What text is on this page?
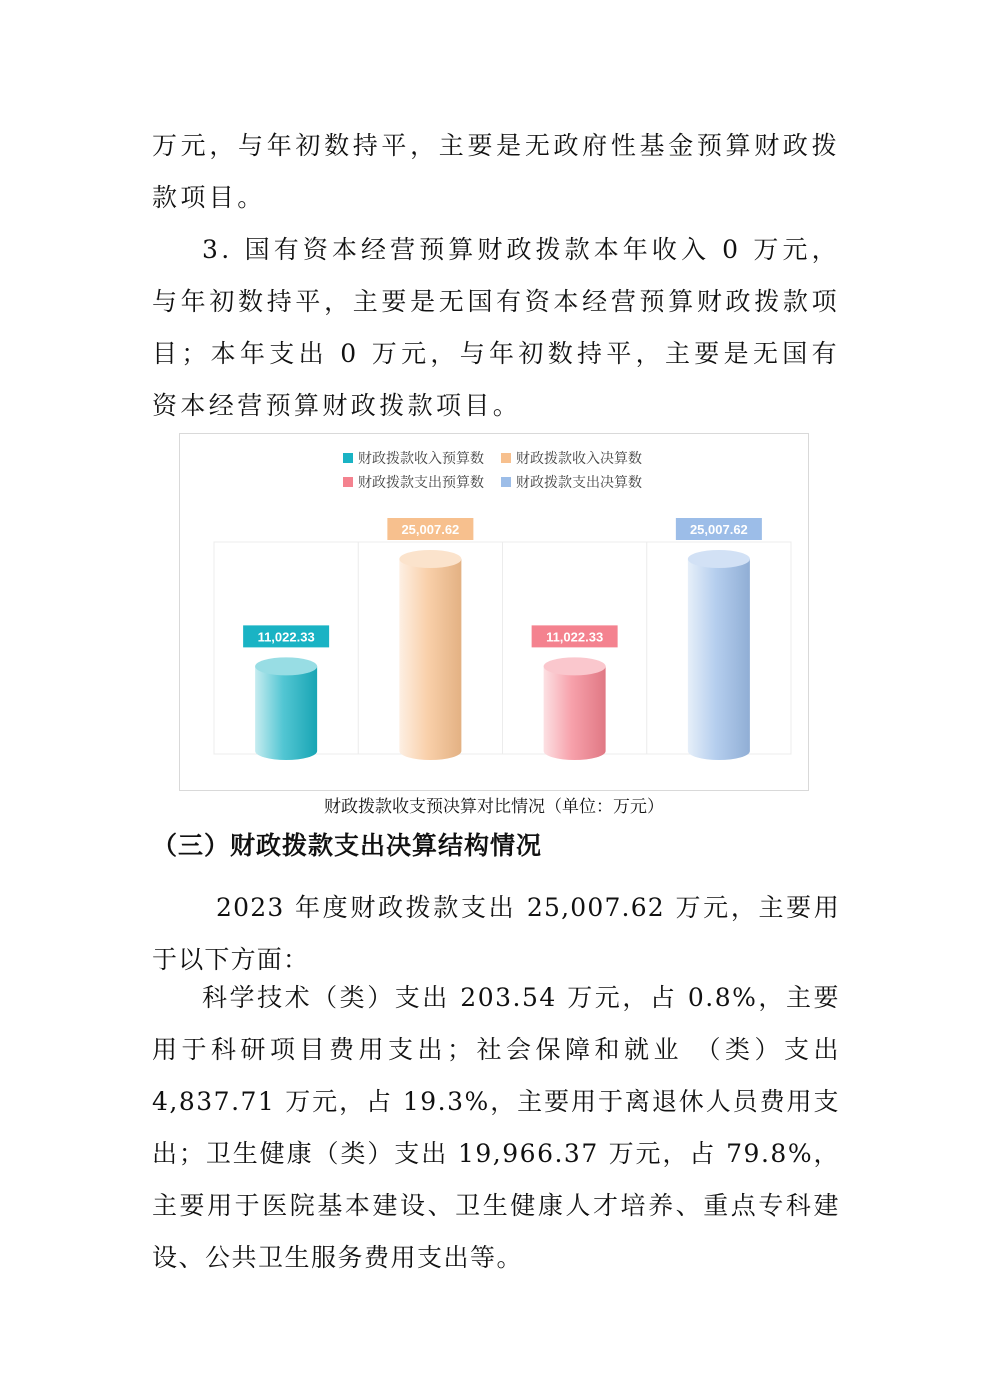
万元，与年初数持平，主要是无政府性基金预算财政拨款项目。

3. 国有资本经营预算财政拨款本年收入 0 万元，与年初数持平，主要是无国有资本经营预算财政拨款项目；本年支出 0 万元，与年初数持平，主要是无国有资本经营预算财政拨款项目。

财政拨款收入预算数 财政拨款收入决算数
财政拨款支出预算数 财政拨款支出决算数
11,022.33
25,007.62
11,022.33
25,007.62
财政拨款收支预决算对比情况（单位：万元）
（三）财政拨款支出决算结构情况

2023 年度财政拨款支出 25,007.62 万元，主要用于以下方面：

科学技术（类）支出 203.54 万元，占 0.8%，主要用于科研项目费用支出；社会保障和就业 （类）支出 4,837.71 万元，占 19.3%，主要用于离退休人员费用支出；卫生健康（类）支出 19,966.37 万元，占 79.8%，主要用于医院基本建设、卫生健康人才培养、重点专科建设、公共卫生服务费用支出等。
